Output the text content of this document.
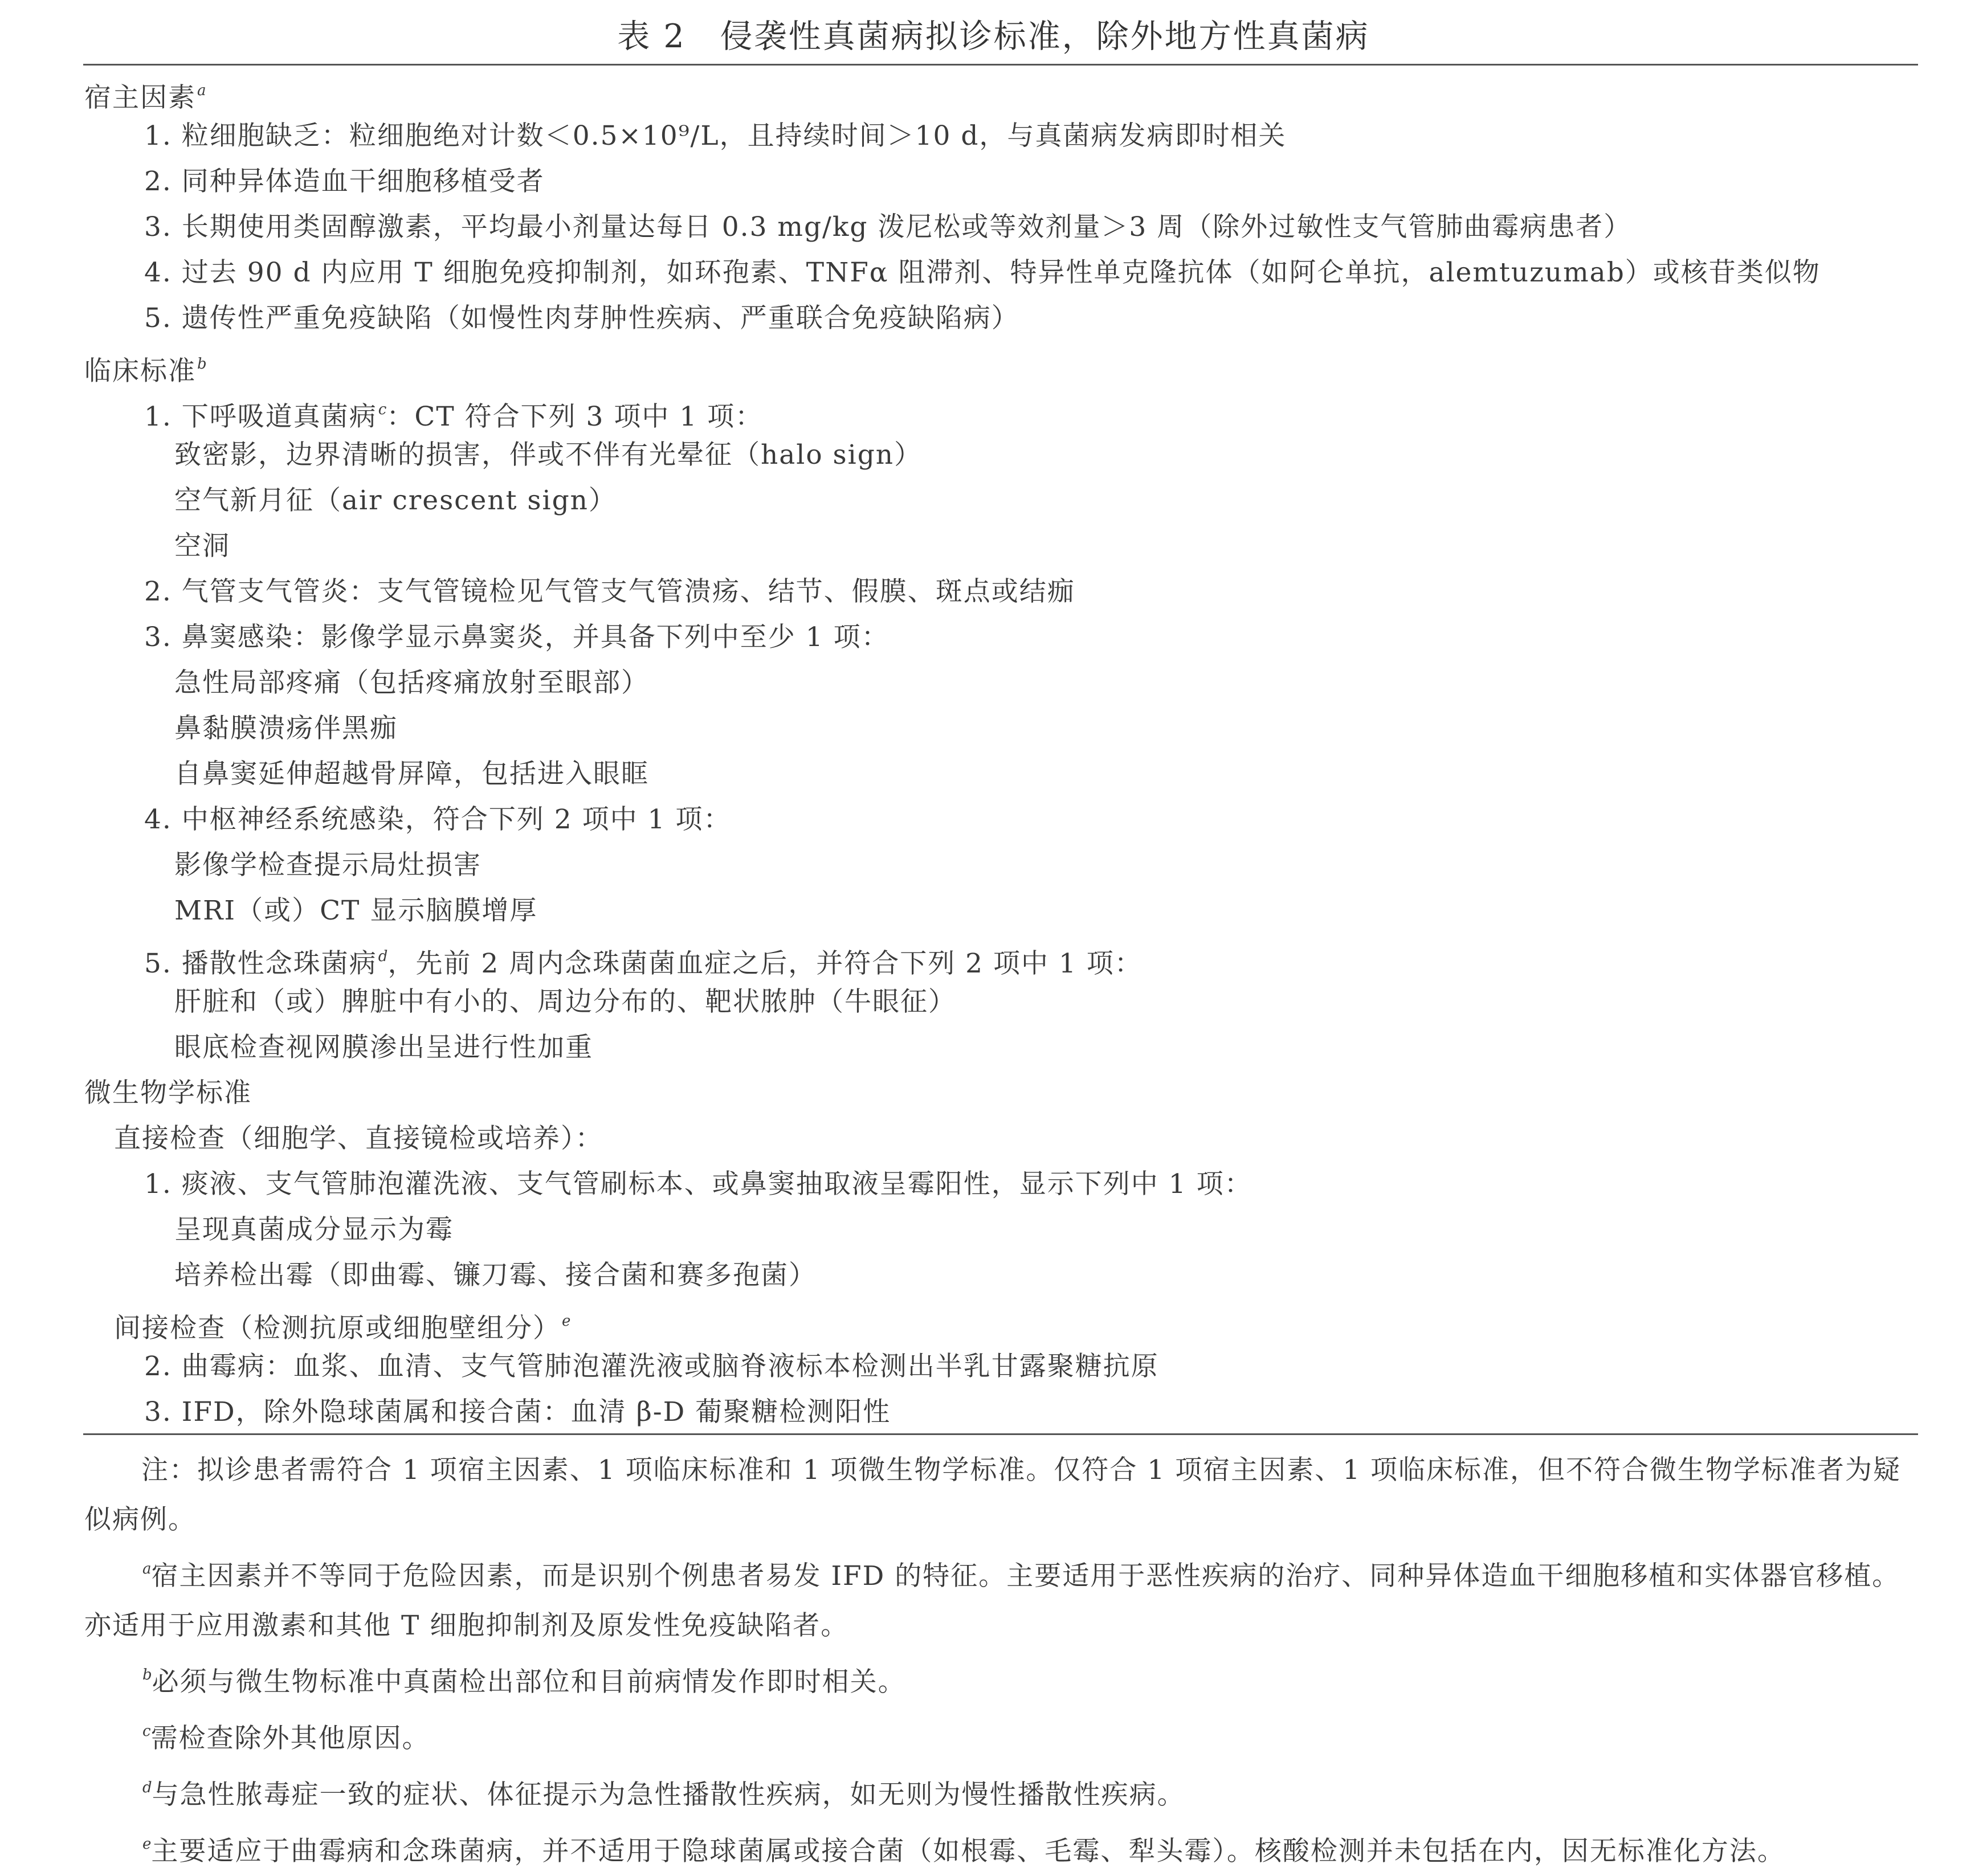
表 2　侵袭性真菌病拟诊标准，除外地方性真菌病
宿主因素$^a$
1. 粒细胞缺乏：粒细胞绝对计数＜0.5×10⁹/L，且持续时间＞10 d，与真菌病发病即时相关
2. 同种异体造血干细胞移植受者
3. 长期使用类固醇激素，平均最小剂量达每日 0.3 mg/kg 泼尼松或等效剂量＞3 周（除外过敏性支气管肺曲霉病患者）
4. 过去 90 d 内应用 T 细胞免疫抑制剂，如环孢素、TNFα 阻滞剂、特异性单克隆抗体（如阿仑单抗，alemtuzumab）或核苷类似物
5. 遗传性严重免疫缺陷（如慢性肉芽肿性疾病、严重联合免疫缺陷病）
临床标准$^b$
1. 下呼吸道真菌病$^c$：CT 符合下列 3 项中 1 项：
致密影，边界清晰的损害，伴或不伴有光晕征（halo sign）
空气新月征（air crescent sign）
空洞
2. 气管支气管炎：支气管镜检见气管支气管溃疡、结节、假膜、斑点或结痂
3. 鼻窦感染：影像学显示鼻窦炎，并具备下列中至少 1 项：
急性局部疼痛（包括疼痛放射至眼部）
鼻黏膜溃疡伴黑痂
自鼻窦延伸超越骨屏障，包括进入眼眶
4. 中枢神经系统感染，符合下列 2 项中 1 项：
影像学检查提示局灶损害
MRI（或）CT 显示脑膜增厚
5. 播散性念珠菌病$^d$，先前 2 周内念珠菌菌血症之后，并符合下列 2 项中 1 项：
肝脏和（或）脾脏中有小的、周边分布的、靶状脓肿（牛眼征）
眼底检查视网膜渗出呈进行性加重
微生物学标准
直接检查（细胞学、直接镜检或培养）：
1. 痰液、支气管肺泡灌洗液、支气管刷标本、或鼻窦抽取液呈霉阳性，显示下列中 1 项：
呈现真菌成分显示为霉
培养检出霉（即曲霉、镰刀霉、接合菌和赛多孢菌）
间接检查（检测抗原或细胞壁组分）$^e$
2. 曲霉病：血浆、血清、支气管肺泡灌洗液或脑脊液标本检测出半乳甘露聚糖抗原
3. IFD，除外隐球菌属和接合菌：血清 β-D 葡聚糖检测阳性
注：拟诊患者需符合 1 项宿主因素、1 项临床标准和 1 项微生物学标准。仅符合 1 项宿主因素、1 项临床标准，但不符合微生物学标准者为疑似病例。
$^a$宿主因素并不等同于危险因素，而是识别个例患者易发 IFD 的特征。主要适用于恶性疾病的治疗、同种异体造血干细胞移植和实体器官移植。亦适用于应用激素和其他 T 细胞抑制剂及原发性免疫缺陷者。
$^b$必须与微生物标准中真菌检出部位和目前病情发作即时相关。
$^c$需检查除外其他原因。
$^d$与急性脓毒症一致的症状、体征提示为急性播散性疾病，如无则为慢性播散性疾病。
$^e$主要适应于曲霉病和念珠菌病，并不适用于隐球菌属或接合菌（如根霉、毛霉、犁头霉）。核酸检测并未包括在内，因无标准化方法。
